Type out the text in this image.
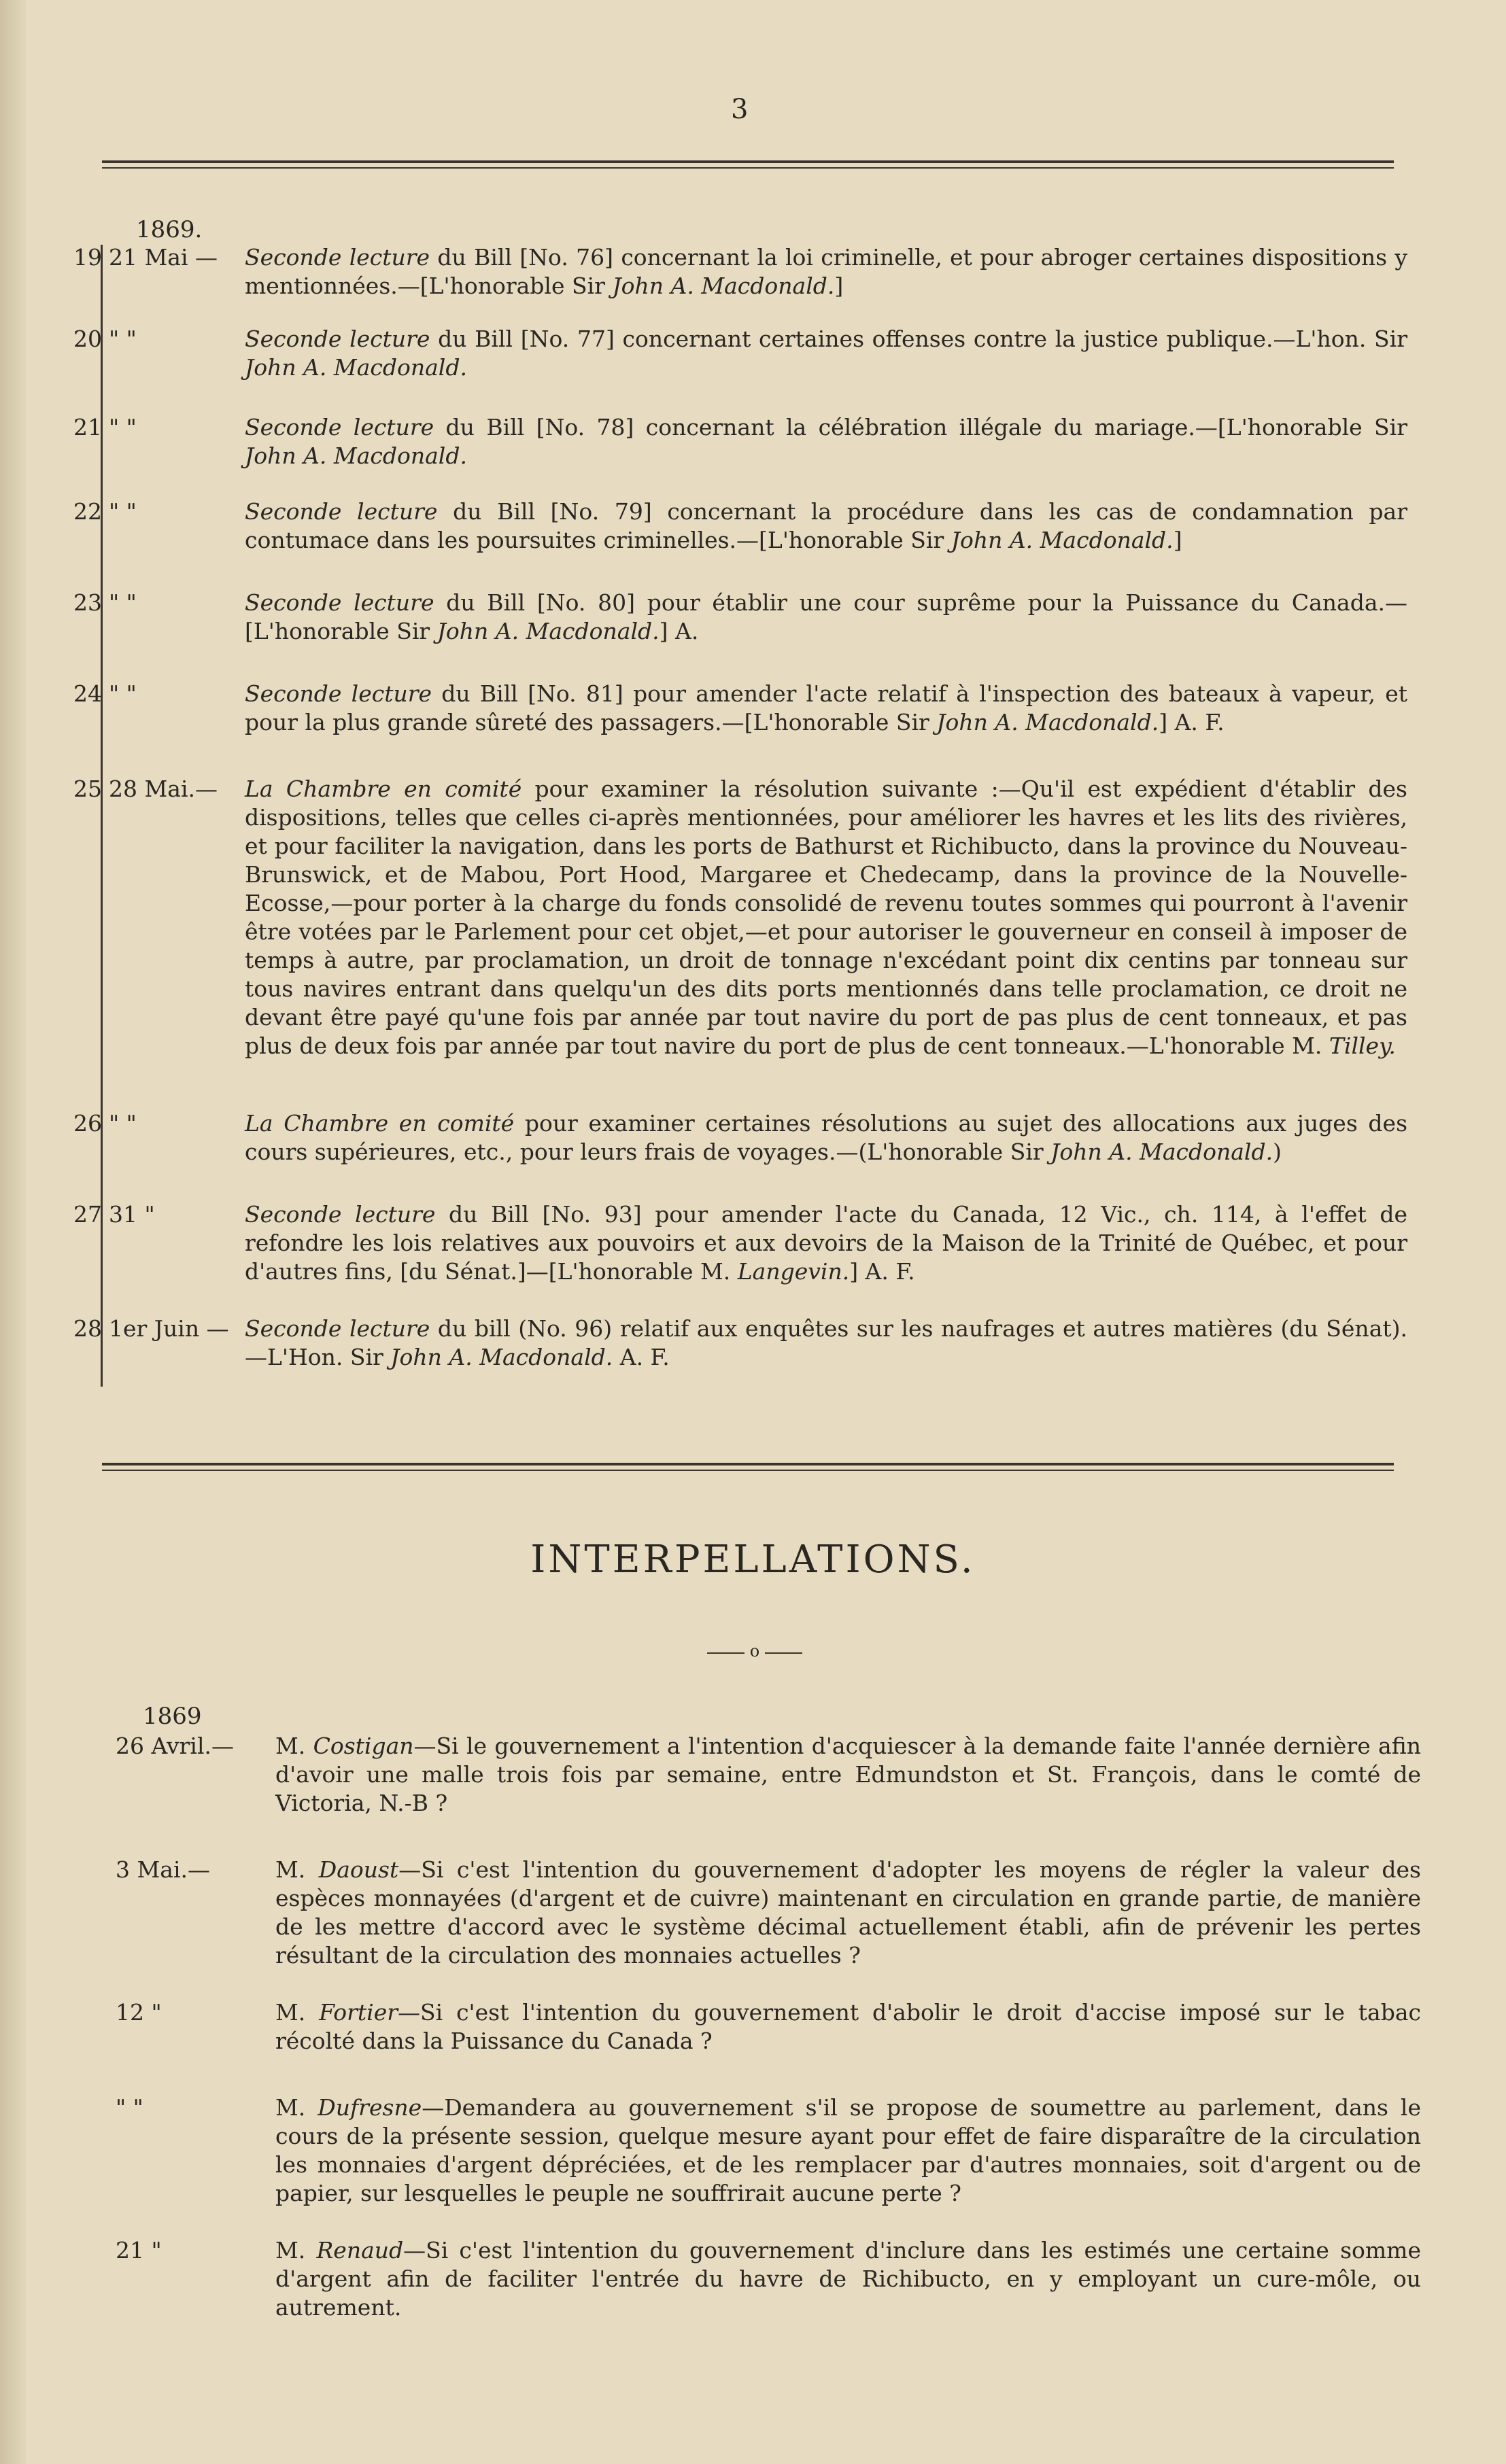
3
1869.
19 21 Mai — Seconde lecture du Bill [No. 76] concernant la loi criminelle, et pour abroger certaines dispositions y mentionnées.—[L'honorable Sir John A. Macdonald.]
20 " "	Seconde lecture du Bill [No. 77] concernant certaines offenses contre la justice publique.—L'hon. Sir John A. Macdonald.
21 " "	Seconde lecture du Bill [No. 78] concernant la célébration illégale du mariage.—[L'honorable Sir John A. Macdonald.
22 " "	Seconde lecture du Bill [No. 79] concernant la procédure dans les cas de condamnation par contumace dans les poursuites criminelles.—[L'honorable Sir John A. Macdonald.]
23 " "	Seconde lecture du Bill [No. 80] pour établir une cour suprême pour la Puissance du Canada.—[L'honorable Sir John A. Macdonald.] A.
24 " "	Seconde lecture du Bill [No. 81] pour amender l'acte relatif à l'inspection des bateaux à vapeur, et pour la plus grande sûreté des passagers.—[L'honorable Sir John A. Macdonald.] A. F.
25 28 Mai.— La Chambre en comité pour examiner la résolution suivante :—Qu'il est expédient d'établir des dispositions, telles que celles ci-après mentionnées, pour améliorer les havres et les lits des rivières, et pour faciliter la navigation, dans les ports de Bathurst et Richibucto, dans la province du Nouveau-Brunswick, et de Mabou, Port Hood, Margaree et Chedecamp, dans la province de la Nouvelle-Ecosse,—pour porter à la charge du fonds consolidé de revenu toutes sommes qui pourront à l'avenir être votées par le Parlement pour cet objet,—et pour autoriser le gouverneur en conseil à imposer de temps à autre, par proclamation, un droit de tonnage n'excédant point dix centins par tonneau sur tous navires entrant dans quelqu'un des dits ports mentionnés dans telle proclamation, ce droit ne devant être payé qu'une fois par année par tout navire du port de pas plus de cent tonneaux, et pas plus de deux fois par année par tout navire du port de plus de cent tonneaux.—L'honorable M. Tilley.
26 " "	La Chambre en comité pour examiner certaines résolutions au sujet des allocations aux juges des cours supérieures, etc., pour leurs frais de voyages.—(L'honorable Sir John A. Macdonald.)
27 31 "	Seconde lecture du Bill [No. 93] pour amender l'acte du Canada, 12 Vic., ch. 114, à l'effet de refondre les lois relatives aux pouvoirs et aux devoirs de la Maison de la Trinité de Québec, et pour d'autres fins, [du Sénat.]—[L'honorable M. Langevin.] A. F.
28 1er Juin — Seconde lecture du bill (No. 96) relatif aux enquêtes sur les naufrages et autres matières (du Sénat).—L'Hon. Sir John A. Macdonald. A. F.
INTERPELLATIONS.
o
1869
26 Avril.—	M. Costigan—Si le gouvernement a l'intention d'acquiescer à la demande faite l'année dernière afin d'avoir une malle trois fois par semaine, entre Edmundston et St. François, dans le comté de Victoria, N.-B ?
3 Mai.—	M. Daoust—Si c'est l'intention du gouvernement d'adopter les moyens de régler la valeur des espèces monnayées (d'argent et de cuivre) maintenant en circulation en grande partie, de manière de les mettre d'accord avec le système décimal actuellement établi, afin de prévenir les pertes résultant de la circulation des monnaies actuelles ?
12 "	M. Fortier—Si c'est l'intention du gouvernement d'abolir le droit d'accise imposé sur le tabac récolté dans la Puissance du Canada ?
" "	M. Dufresne—Demandera au gouvernement s'il se propose de soumettre au parlement, dans le cours de la présente session, quelque mesure ayant pour effet de faire disparaître de la circulation les monnaies d'argent dépréciées, et de les remplacer par d'autres monnaies, soit d'argent ou de papier, sur lesquelles le peuple ne souffrirait aucune perte ?
21 "	M. Renaud—Si c'est l'intention du gouvernement d'inclure dans les estimés une certaine somme d'argent afin de faciliter l'entrée du havre de Richibucto, en y employant un cure-môle, ou autrement.
